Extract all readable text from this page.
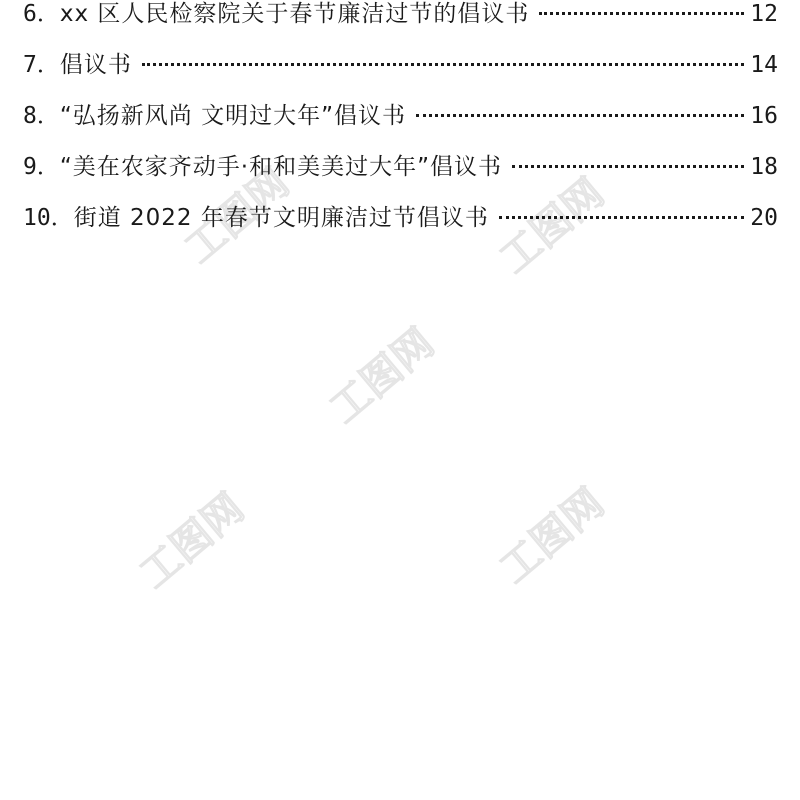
工图网	工图网
工图网
工图网	工图网
6． xx 区人民检察院关于春节廉洁过节的倡议书	12
7． 倡议书	14
8． “弘扬新风尚 文明过大年”倡议书	16
9． “美在农家齐动手·和和美美过大年”倡议书	18
10． 街道 2022 年春节文明廉洁过节倡议书	20
